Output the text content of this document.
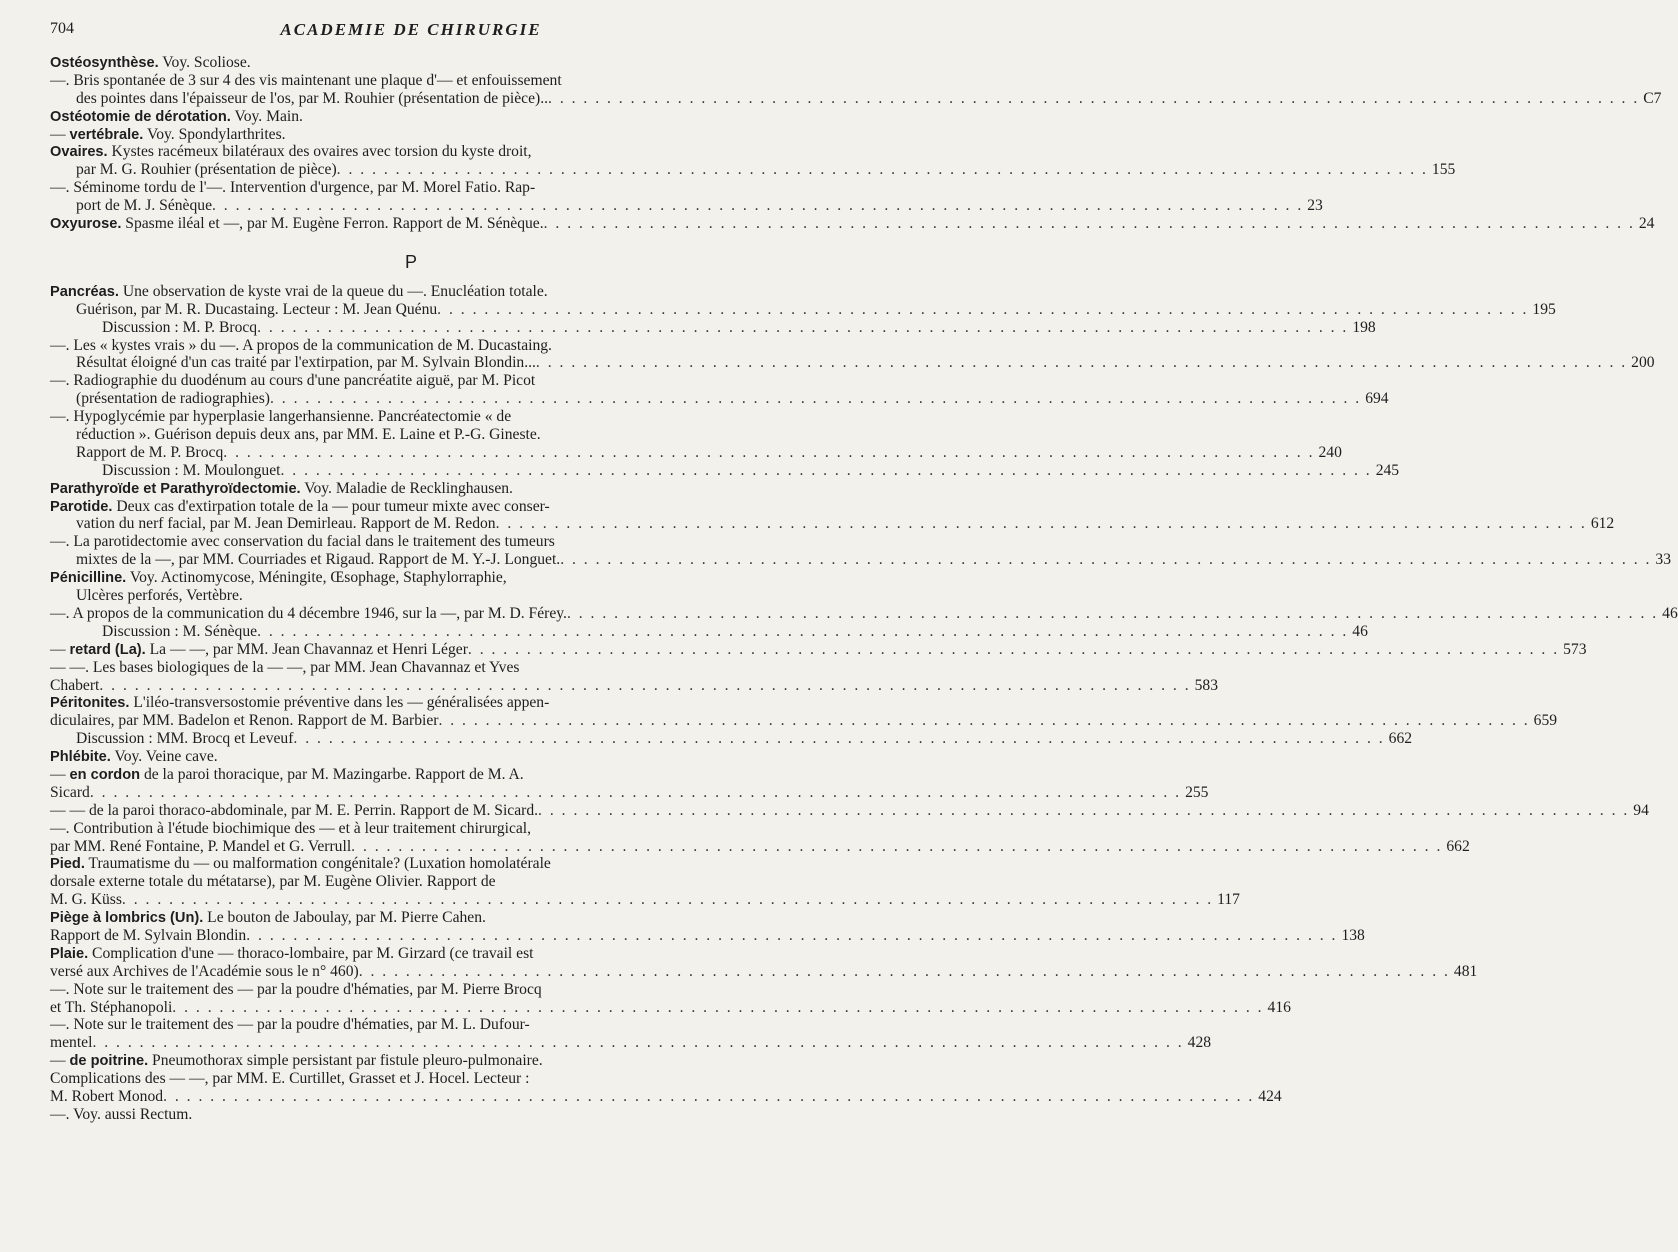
704	ACADEMIE DE CHIRURGIE
Ostéosynthèse. Voy. Scoliose.
—. Bris spontanée de 3 sur 4 des vis maintenant une plaque d'— et enfouissement
des pointes dans l'épaisseur de l'os, par M. Rouhier (présentation de pièce).. . . .	C7
Ostéotomie de dérotation. Voy. Main.
— vertébrale. Voy. Spondylarthrites.
Ovaires. Kystes racémeux bilatéraux des ovaires avec torsion du kyste droit,
par M. G. Rouhier (présentation de pièce) . . .	155
—. Séminome tordu de l'—. Intervention d'urgence, par M. Morel Fatio. Rap-
port de M. J. Sénèque . . .	23
Oxyurose. Spasme iléal et —, par M. Eugène Ferron. Rapport de M. Sénèque. . . .	24
P
Pancréas. Une observation de kyste vrai de la queue du —. Enucléation totale.
Guérison, par M. R. Ducastaing. Lecteur : M. Jean Quénu . . .	195
Discussion : M. P. Brocq . . .	198
—. Les « kystes vrais » du —. A propos de la communication de M. Ducastaing.
Résultat éloigné d'un cas traité par l'extirpation, par M. Sylvain Blondin... . . .	200
—. Radiographie du duodénum au cours d'une pancréatite aiguë, par M. Picot
(présentation de radiographies) . . .	694
—. Hypoglycémie par hyperplasie langerhansienne. Pancréatectomie « de
réduction ». Guérison depuis deux ans, par MM. E. Laine et P.-G. Gineste.
Rapport de M. P. Brocq . . .	240
Discussion : M. Moulonguet . . .	245
Parathyroïde et Parathyroïdectomie. Voy. Maladie de Recklinghausen.
Parotide. Deux cas d'extirpation totale de la — pour tumeur mixte avec conser-
vation du nerf facial, par M. Jean Demirleau. Rapport de M. Redon . . .	612
—. La parotidectomie avec conservation du facial dans le traitement des tumeurs
mixtes de la —, par MM. Courriades et Rigaud. Rapport de M. Y.-J. Longuet. . . .	33
Pénicilline. Voy. Actinomycose, Méningite, Œsophage, Staphylorraphie,
Ulcères perforés, Vertèbre.
—. A propos de la communication du 4 décembre 1946, sur la —, par M. D. Férey. . . .	46
Discussion : M. Sénèque . . .	46
— retard (La). La — —, par MM. Jean Chavannaz et Henri Léger . . .	573
— —. Les bases biologiques de la — —, par MM. Jean Chavannaz et Yves
Chabert . . .	583
Péritonites. L'iléo-transversostomie préventive dans les — généralisées appen-
diculaires, par MM. Badelon et Renon. Rapport de M. Barbier . . .	659
Discussion : MM. Brocq et Leveuf . . .	662
Phlébite. Voy. Veine cave.
— en cordon de la paroi thoracique, par M. Mazingarbe. Rapport de M. A.
Sicard . . .	255
— — de la paroi thoraco-abdominale, par M. E. Perrin. Rapport de M. Sicard. . . .	94
—. Contribution à l'étude biochimique des — et à leur traitement chirurgical,
par MM. René Fontaine, P. Mandel et G. Verrull . . .	662
Pied. Traumatisme du — ou malformation congénitale? (Luxation homolatérale
dorsale externe totale du métatarse), par M. Eugène Olivier. Rapport de
M. G. Küss . . .	117
Piège à lombrics (Un). Le bouton de Jaboulay, par M. Pierre Cahen.
Rapport de M. Sylvain Blondin . . .	138
Plaie. Complication d'une — thoraco-lombaire, par M. Girzard (ce travail est
versé aux Archives de l'Académie sous le n° 460) . . .	481
—. Note sur le traitement des — par la poudre d'hématies, par M. Pierre Brocq
et Th. Stéphanopoli . . .	416
—. Note sur le traitement des — par la poudre d'hématies, par M. L. Dufour-
mentel . . .	428
— de poitrine. Pneumothorax simple persistant par fistule pleuro-pulmonaire.
Complications des — —, par MM. E. Curtillet, Grasset et J. Hocel. Lecteur :
M. Robert Monod . . .	424
—. Voy. aussi Rectum.
